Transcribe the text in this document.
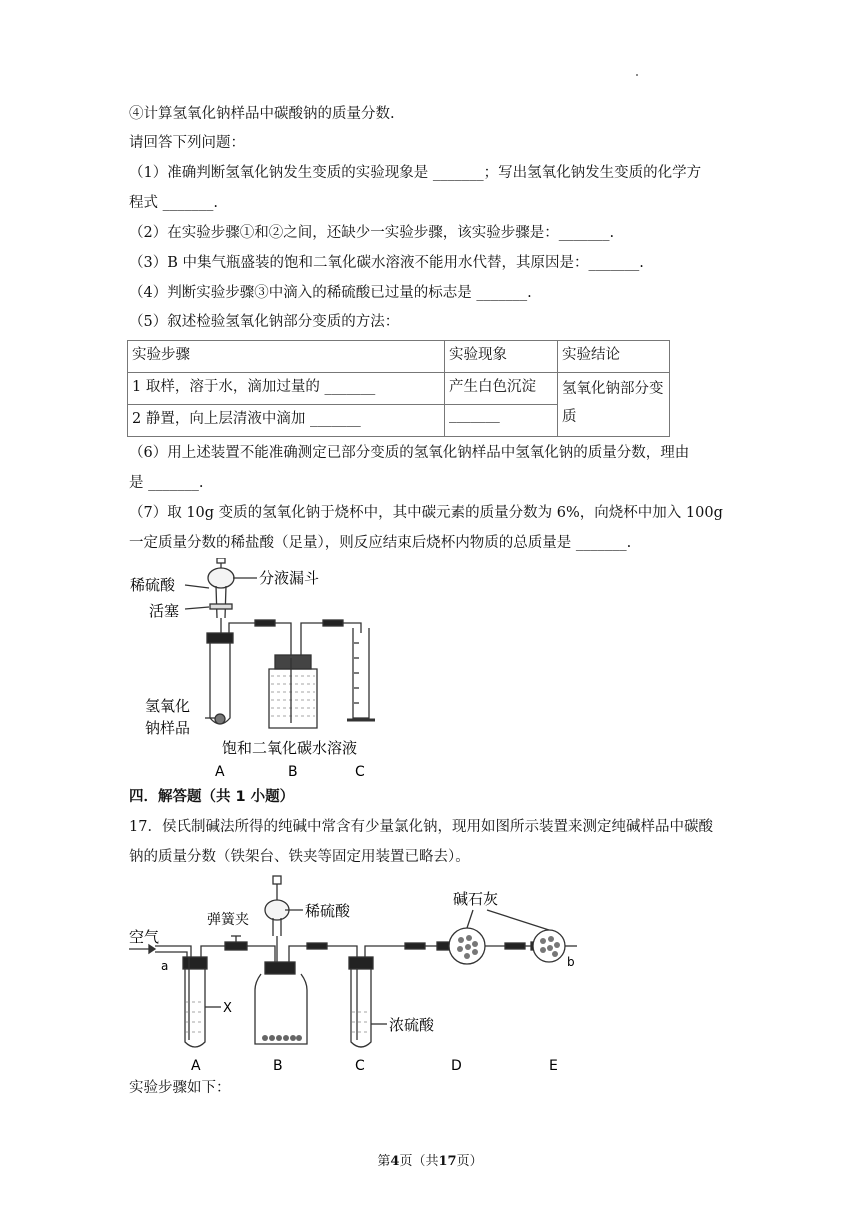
④计算氢氧化钠样品中碳酸钠的质量分数.
请回答下列问题：
（1）准确判断氢氧化钠发生变质的实验现象是 _______；写出氢氧化钠发生变质的化学方
程式 _______.
（2）在实验步骤①和②之间，还缺少一实验步骤，该实验步骤是：_______.
（3）B 中集气瓶盛装的饱和二氧化碳水溶液不能用水代替，其原因是：_______.
（4）判断实验步骤③中滴入的稀硫酸已过量的标志是 _______.
（5）叙述检验氢氧化钠部分变质的方法：
实验步骤	实验现象	实验结论
1 取样，溶于水，滴加过量的 _______	产生白色沉淀	氢氧化钠部分变质
2 静置，向上层清液中滴加 _______	_______	
（6）用上述装置不能准确测定已部分变质的氢氧化钠样品中氢氧化钠的质量分数，理由
是 _______.
（7）取 10g 变质的氢氧化钠于烧杯中，其中碳元素的质量分数为 6%，向烧杯中加入 100g
一定质量分数的稀盐酸（足量），则反应结束后烧杯内物质的总质量是 _______.
稀硫酸	分液漏斗
活塞
氢氧化
钠样品
饱和二氧化碳水溶液
A	B	C
四．解答题（共 1 小题）
17．侯氏制碱法所得的纯碱中常含有少量氯化钠，现用如图所示装置来测定纯碱样品中碳酸
钠的质量分数（铁架台、铁夹等固定用装置已略去）。
空气
a
弹簧夹	稀硫酸
碱石灰
X
浓硫酸
b
A	B	C	D	E
实验步骤如下：
第4页（共17页）
